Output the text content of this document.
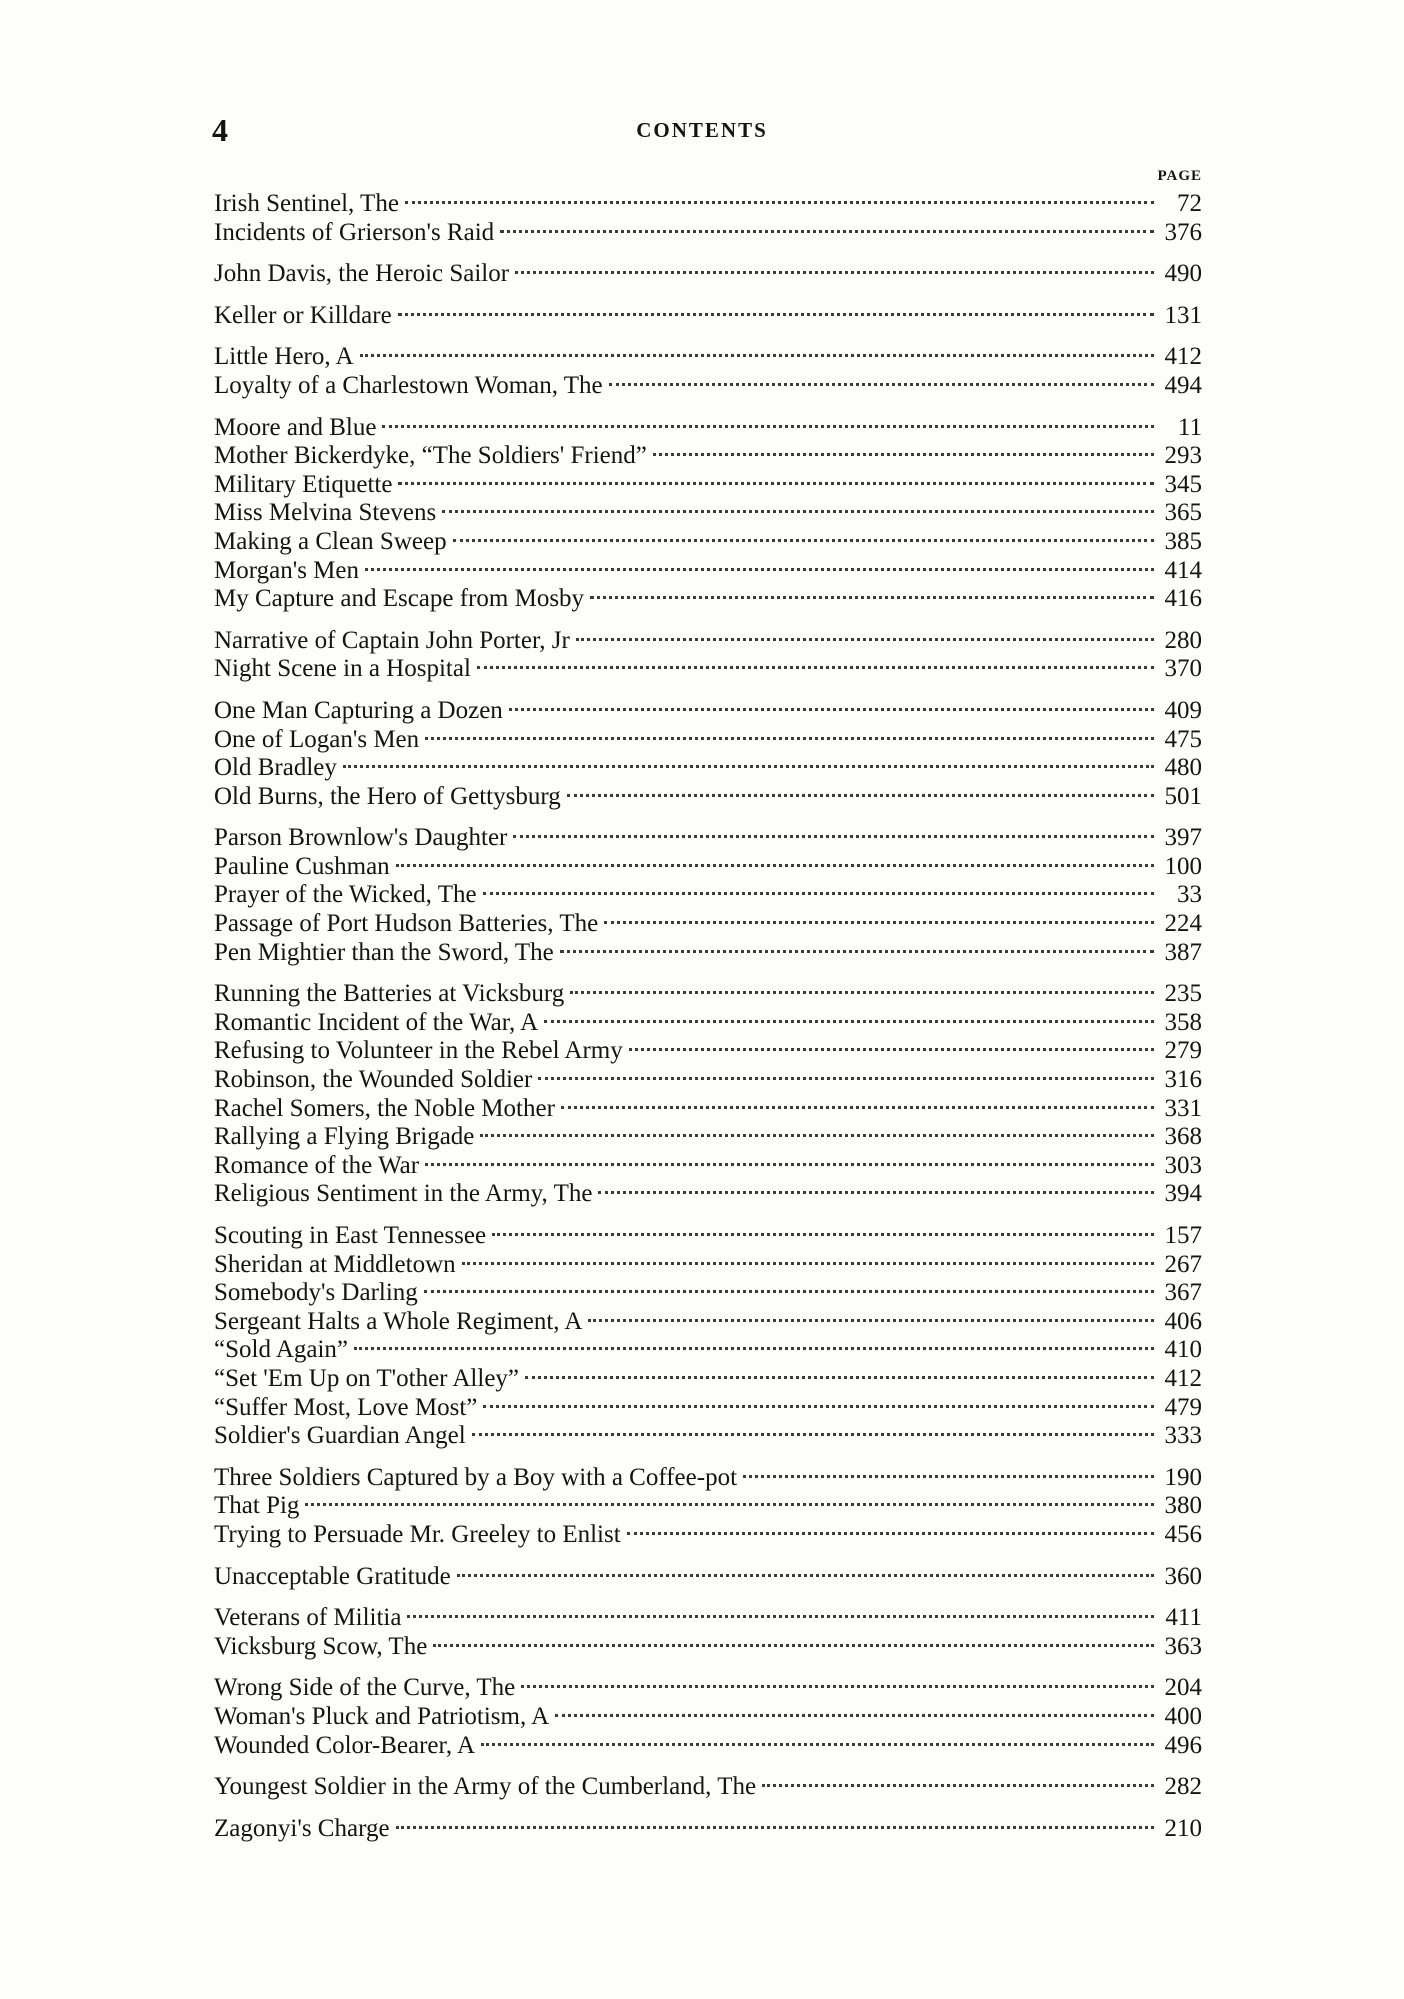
4	CONTENTS
PAGE
Irish Sentinel, The	72
Incidents of Grierson's Raid	376
John Davis, the Heroic Sailor	490
Keller or Killdare	131
Little Hero, A	412
Loyalty of a Charlestown Woman, The	494
Moore and Blue	11
Mother Bickerdyke, “The Soldiers' Friend”	293
Military Etiquette	345
Miss Melvina Stevens	365
Making a Clean Sweep	385
Morgan's Men	414
My Capture and Escape from Mosby	416
Narrative of Captain John Porter, Jr	280
Night Scene in a Hospital	370
One Man Capturing a Dozen	409
One of Logan's Men	475
Old Bradley	480
Old Burns, the Hero of Gettysburg	501
Parson Brownlow's Daughter	397
Pauline Cushman	100
Prayer of the Wicked, The	33
Passage of Port Hudson Batteries, The	224
Pen Mightier than the Sword, The	387
Running the Batteries at Vicksburg	235
Romantic Incident of the War, A	358
Refusing to Volunteer in the Rebel Army	279
Robinson, the Wounded Soldier	316
Rachel Somers, the Noble Mother	331
Rallying a Flying Brigade	368
Romance of the War	303
Religious Sentiment in the Army, The	394
Scouting in East Tennessee	157
Sheridan at Middletown	267
Somebody's Darling	367
Sergeant Halts a Whole Regiment, A	406
“Sold Again”	410
“Set 'Em Up on T'other Alley”	412
“Suffer Most, Love Most”	479
Soldier's Guardian Angel	333
Three Soldiers Captured by a Boy with a Coffee-pot	190
That Pig	380
Trying to Persuade Mr. Greeley to Enlist	456
Unacceptable Gratitude	360
Veterans of Militia	411
Vicksburg Scow, The	363
Wrong Side of the Curve, The	204
Woman's Pluck and Patriotism, A	400
Wounded Color-Bearer, A	496
Youngest Soldier in the Army of the Cumberland, The	282
Zagonyi's Charge	210
